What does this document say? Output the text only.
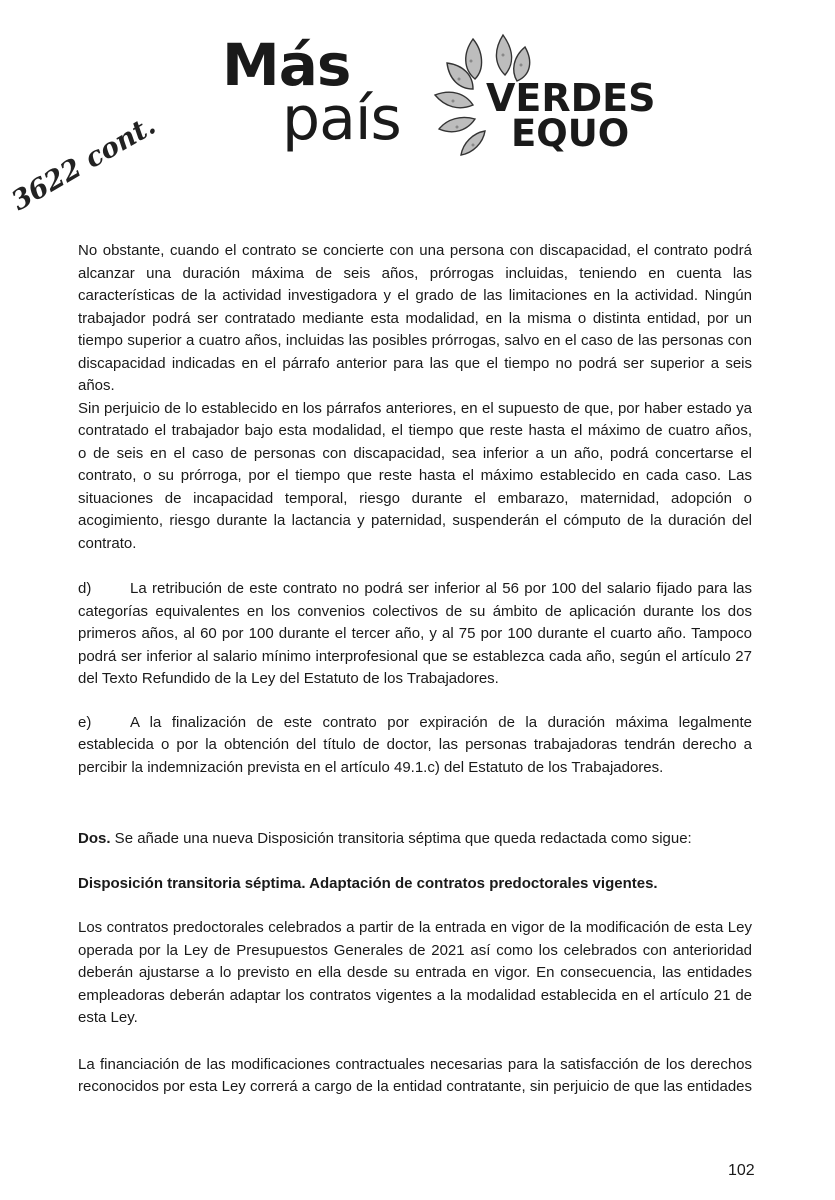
Más
país VERDES
EQUO
3622 cont.

No obstante, cuando el contrato se concierte con una persona con discapacidad, el contrato podrá

alcanzar una duración máxima de seis años, prórrogas incluidas, teniendo en cuenta las

características de la actividad investigadora y el grado de las limitaciones en la actividad. Ningún

trabajador podrá ser contratado mediante esta modalidad, en la misma o distinta entidad, por un

tiempo superior a cuatro años, incluidas las posibles prórrogas, salvo en el caso de las personas con

discapacidad indicadas en el párrafo anterior para las que el tiempo no podrá ser superior a seis años.

Sin perjuicio de lo establecido en los párrafos anteriores, en el supuesto de que, por haber estado ya

contratado el trabajador bajo esta modalidad, el tiempo que reste hasta el máximo de cuatro años,

o de seis en el caso de personas con discapacidad, sea inferior a un año, podrá concertarse el

contrato, o su prórroga, por el tiempo que reste hasta el máximo establecido en cada caso. Las

situaciones de incapacidad temporal, riesgo durante el embarazo, maternidad, adopción o

acogimiento, riesgo durante la lactancia y paternidad, suspenderán el cómputo de la duración del

contrato.

d)	La retribución de este contrato no podrá ser inferior al 56 por 100 del salario fijado para las

categorías equivalentes en los convenios colectivos de su ámbito de aplicación durante los dos

primeros años, al 60 por 100 durante el tercer año, y al 75 por 100 durante el cuarto año. Tampoco

podrá ser inferior al salario mínimo interprofesional que se establezca cada año, según el artículo 27

del Texto Refundido de la Ley del Estatuto de los Trabajadores.

e)	A la finalización de este contrato por expiración de la duración máxima legalmente

establecida o por la obtención del título de doctor, las personas trabajadoras tendrán derecho a

percibir la indemnización prevista en el artículo 49.1.c) del Estatuto de los Trabajadores.

Dos. Se añade una nueva Disposición transitoria séptima que queda redactada como sigue:

Disposición transitoria séptima. Adaptación de contratos predoctorales vigentes.

Los contratos predoctorales celebrados a partir de la entrada en vigor de la modificación de esta Ley

operada por la Ley de Presupuestos Generales de 2021 así como los celebrados con anterioridad

deberán ajustarse a lo previsto en ella desde su entrada en vigor. En consecuencia, las entidades

empleadoras deberán adaptar los contratos vigentes a la modalidad establecida en el artículo 21 de

esta Ley.

La financiación de las modificaciones contractuales necesarias para la satisfacción de los derechos

reconocidos por esta Ley correrá a cargo de la entidad contratante, sin perjuicio de que las entidades

102
